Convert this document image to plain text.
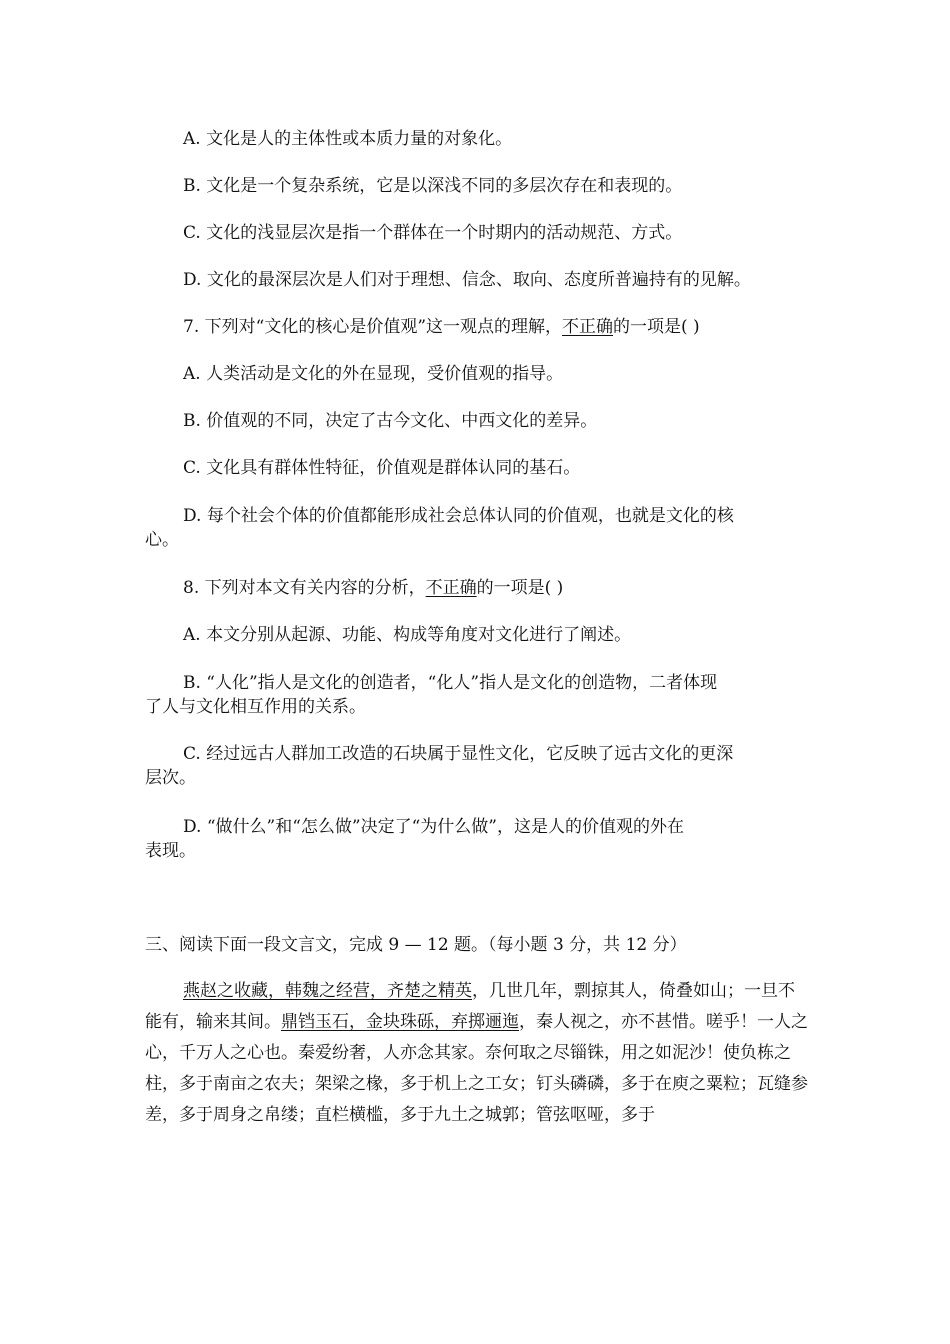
A. 文化是人的主体性或本质力量的对象化。
B. 文化是一个复杂系统，它是以深浅不同的多层次存在和表现的。
C. 文化的浅显层次是指一个群体在一个时期内的活动规范、方式。
D. 文化的最深层次是人们对于理想、信念、取向、态度所普遍持有的见解。
7. 下列对“文化的核心是价值观”这一观点的理解，不正确的一项是( )
A. 人类活动是文化的外在显现，受价值观的指导。
B. 价值观的不同，决定了古今文化、中西文化的差异。
C. 文化具有群体性特征，价值观是群体认同的基石。
D. 每个社会个体的价值都能形成社会总体认同的价值观，也就是文化的核
心。
8. 下列对本文有关内容的分析，不正确的一项是( )
A. 本文分别从起源、功能、构成等角度对文化进行了阐述。
B. “人化”指人是文化的创造者，“化人”指人是文化的创造物，二者体现
了人与文化相互作用的关系。
C. 经过远古人群加工改造的石块属于显性文化，它反映了远古文化的更深
层次。
D. “做什么”和“怎么做”决定了“为什么做”，这是人的价值观的外在
表现。
三、阅读下面一段文言文，完成 9 — 12 题。（每小题 3 分，共 12 分）
燕赵之收藏，韩魏之经营，齐楚之精英，几世几年，剽掠其人，倚叠如山；一旦不能有，输来其间。鼎铛玉石，金块珠砾，弃掷逦迤，秦人视之，亦不甚惜。嗟乎！一人之心，千万人之心也。秦爱纷奢，人亦念其家。奈何取之尽锱铢，用之如泥沙！使负栋之柱，多于南亩之农夫；架梁之椽，多于机上之工女；钉头磷磷，多于在庾之粟粒；瓦缝参差，多于周身之帛缕；直栏横槛，多于九土之城郭；管弦呕哑，多于
